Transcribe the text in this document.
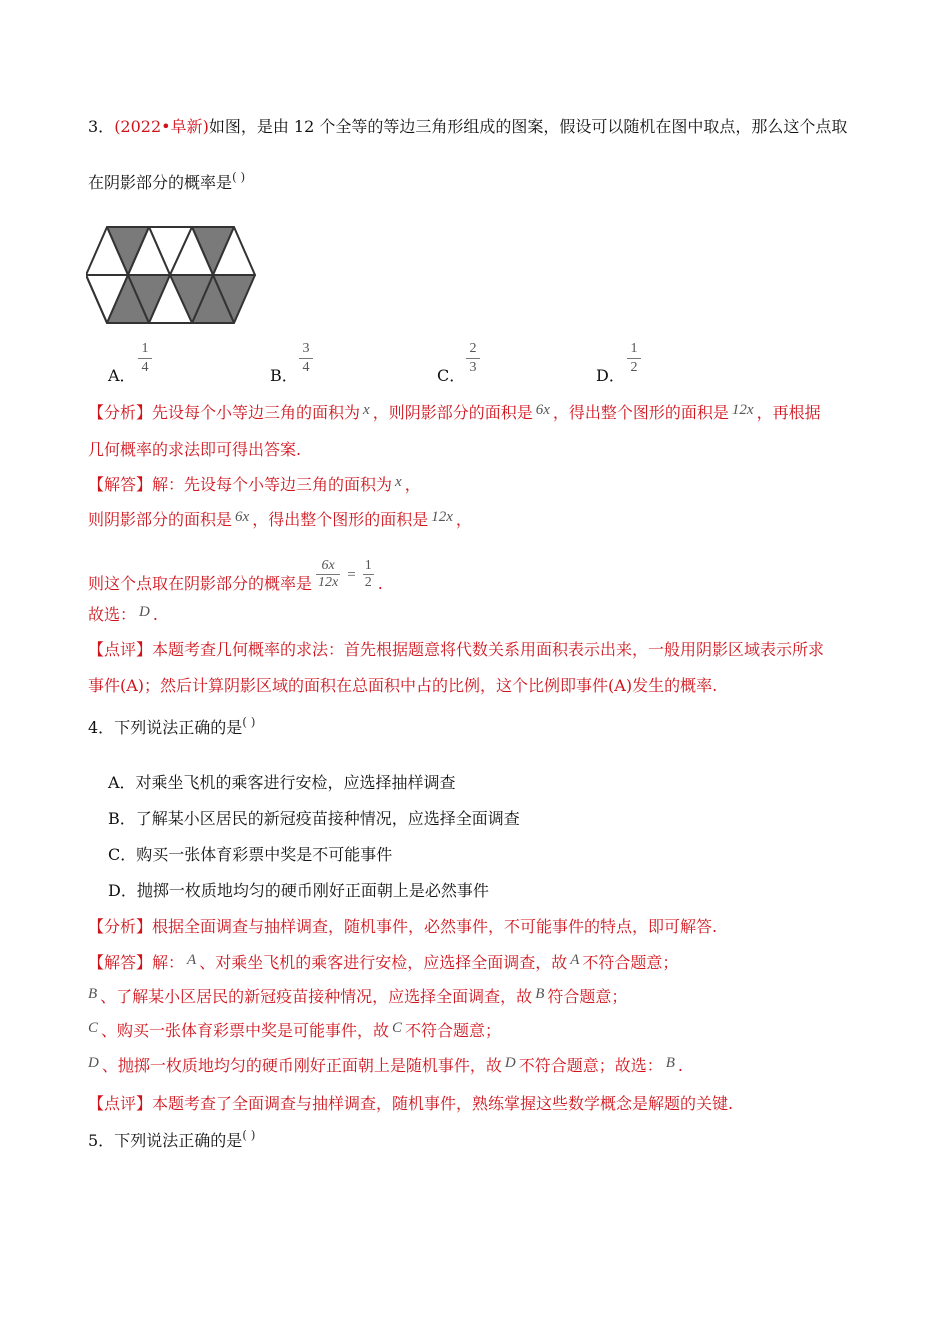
3．(2022•阜新)如图，是由 12 个全等的等边三角形组成的图案，假设可以随机在图中取点，那么这个点取
在阴影部分的概率是( )
A． $\frac{1}{4}$	B． $\frac{3}{4}$	C． $\frac{2}{3}$	D． $\frac{1}{2}$
【分析】先设每个小等边三角的面积为 x ，则阴影部分的面积是 6x ，得出整个图形的面积是 12x ，再根据
几何概率的求法即可得出答案.
【解答】解：先设每个小等边三角的面积为 x ，
则阴影部分的面积是 6x ，得出整个图形的面积是 12x ，
则这个点取在阴影部分的概率是 $\frac{6x}{12x} = \frac{1}{2}$ .
故选： D .
【点评】本题考查几何概率的求法：首先根据题意将代数关系用面积表示出来，一般用阴影区域表示所求
事件(A)；然后计算阴影区域的面积在总面积中占的比例，这个比例即事件(A)发生的概率.
4．下列说法正确的是( )
A．对乘坐飞机的乘客进行安检，应选择抽样调查
B．了解某小区居民的新冠疫苗接种情况，应选择全面调查
C．购买一张体育彩票中奖是不可能事件
D．抛掷一枚质地均匀的硬币刚好正面朝上是必然事件
【分析】根据全面调查与抽样调查，随机事件，必然事件，不可能事件的特点，即可解答.
【解答】解： A 、对乘坐飞机的乘客进行安检，应选择全面调查，故 A 不符合题意；
B 、了解某小区居民的新冠疫苗接种情况，应选择全面调查，故 B 符合题意；
C 、购买一张体育彩票中奖是可能事件，故 C 不符合题意；
D 、抛掷一枚质地均匀的硬币刚好正面朝上是随机事件，故 D 不符合题意；故选： B .
【点评】本题考查了全面调查与抽样调查，随机事件，熟练掌握这些数学概念是解题的关键.
5．下列说法正确的是( )
